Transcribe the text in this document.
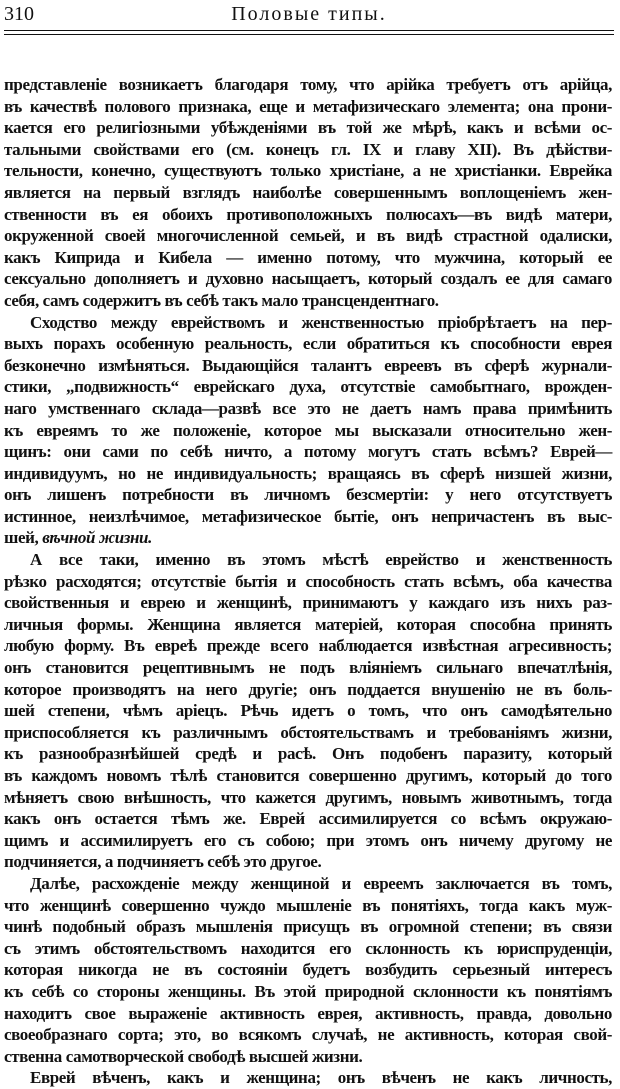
310	Половые типы.
представленіе возникаетъ благодаря тому, что арійка требуетъ отъ арійца,
въ качествѣ полового признака, еще и метафизическаго элемента; она прони-
кается его религіозными убѣжденіями въ той же мѣрѣ, какъ и всѣми ос-
тальными свойствами его (см. конецъ гл. IX и главу XII). Въ дѣйстви-
тельности, конечно, существуютъ только христіане, а не христіанки. Еврейка
является на первый взглядъ наиболѣе совершеннымъ воплощеніемъ жен-
ственности въ ея обоихъ противоположныхъ полюсахъ—въ видѣ матери,
окруженной своей многочисленной семьей, и въ видѣ страстной одалиски,
какъ Киприда и Кибела — именно потому, что мужчина, который ее
сексуально дополняетъ и духовно насыщаетъ, который создалъ ее для самаго
себя, самъ содержитъ въ себѣ такъ мало трансцендентнаго.
Сходство между еврействомъ и женственностью пріобрѣтаетъ на пер-
выхъ порахъ особенную реальность, если обратиться къ способности еврея
безконечно измѣняться. Выдающійся талантъ евреевъ въ сферѣ журнали-
стики, „подвижность“ еврейскаго духа, отсутствіе самобытнаго, врожден-
наго умственнаго склада—развѣ все это не даетъ намъ права примѣнить
къ евреямъ то же положеніе, которое мы высказали относительно жен-
щинъ: они сами по себѣ ничто, а потому могутъ стать всѣмъ? Еврей—
индивидуумъ, но не индивидуальность; вращаясь въ сферѣ низшей жизни,
онъ лишенъ потребности въ личномъ безсмертіи: у него отсутствуетъ
истинное, неизлѣчимое, метафизическое бытіе, онъ непричастенъ въ выс-
шей, вѣчной жизни.
А все таки, именно въ этомъ мѣстѣ еврейство и женственность
рѣзко расходятся; отсутствіе бытія и способность стать всѣмъ, оба качества
свойственныя и еврею и женщинѣ, принимаютъ у каждаго изъ нихъ раз-
личныя формы. Женщина является матеріей, которая способна принять
любую форму. Въ евреѣ прежде всего наблюдается извѣстная агресивность;
онъ становится рецептивнымъ не подъ вліяніемъ сильнаго впечатлѣнія,
которое производятъ на него другіе; онъ поддается внушенію не въ боль-
шей степени, чѣмъ аріецъ. Рѣчь идетъ о томъ, что онъ самодѣятельно
приспособляется къ различнымъ обстоятельствамъ и требованіямъ жизни,
къ разнообразнѣйшей средѣ и расѣ. Онъ подобенъ паразиту, который
въ каждомъ новомъ тѣлѣ становится совершенно другимъ, который до того
мѣняетъ свою внѣшность, что кажется другимъ, новымъ животнымъ, тогда
какъ онъ остается тѣмъ же. Еврей ассимилируется со всѣмъ окружаю-
щимъ и ассимилируетъ его съ собою; при этомъ онъ ничему другому не
подчиняется, а подчиняетъ себѣ это другое.
Далѣе, расхожденіе между женщиной и евреемъ заключается въ томъ,
что женщинѣ совершенно чуждо мышленіе въ понятіяхъ, тогда какъ муж-
чинѣ подобный образъ мышленія присущъ въ огромной степени; въ связи
съ этимъ обстоятельствомъ находится его склонность къ юриспруденціи,
которая никогда не въ состояніи будетъ возбудить серьезный интересъ
къ себѣ со стороны женщины. Въ этой природной склонности къ понятіямъ
находитъ свое выраженіе активность еврея, активность, правда, довольно
своеобразнаго сорта; это, во всякомъ случаѣ, не активность, которая свой-
ственна самотворческой свободѣ высшей жизни.
Еврей вѣченъ, какъ и женщина; онъ вѣченъ не какъ личность,
